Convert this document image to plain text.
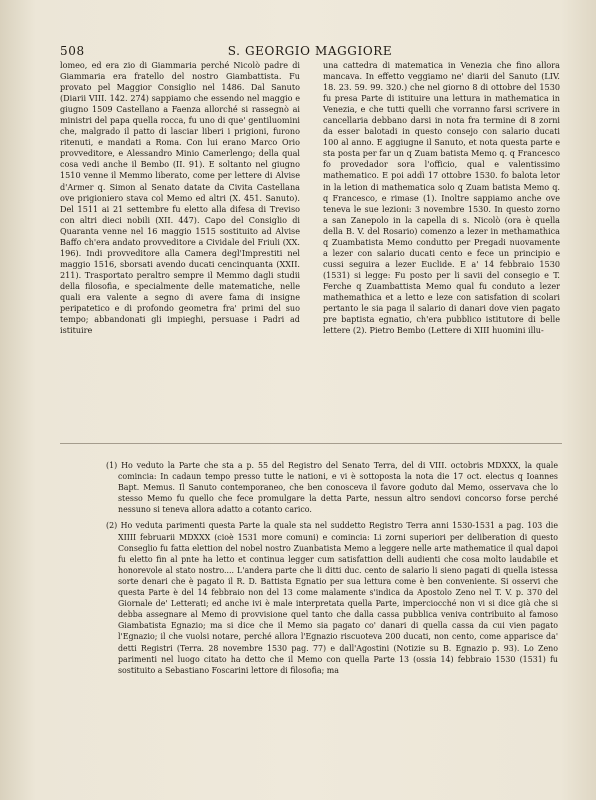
508	S. GEORGIO MAGGIORE

lomeo, ed era zio di Giammaria perché Nicolò padre di Giammaria era fratello del nostro Giambattista. Fu provato pel Maggior Consiglio nel 1486. Dal Sanuto (Diarii VIII. 142. 274) sappiamo che essendo nel maggio e giugno 1509 Castellano a Faenza allorché si rassegnò ai ministri del papa quella rocca, fu uno di que' gentiluomini che, malgrado il patto di lasciar liberi i prigioni, furono ritenuti, e mandati a Roma. Con lui erano Marco Orio provveditore, e Alessandro Minio Camerlengo; della qual cosa vedi anche il Bembo (II. 91). E soltanto nel giugno 1510 venne il Memmo liberato, come per lettere di Alvise d'Armer q. Simon al Senato datate da Civita Castellana ove prigioniero stava col Memo ed altri (X. 451. Sanuto). Del 1511 ai 21 settembre fu eletto alla difesa di Treviso con altri dieci nobili (XII. 447). Capo del Consiglio di Quaranta venne nel 16 maggio 1515 sostituito ad Alvise Baffo ch'era andato provveditore a Cividale del Friuli (XX. 196). Indi provveditore alla Camera degl'Imprestiti nel maggio 1516, sborsati avendo ducati cencinquanta (XXII. 211). Trasportato peraltro sempre il Memmo dagli studii della filosofia, e specialmente delle matematiche, nelle quali era valente a segno di avere fama di insigne peripatetico e di profondo geometra fra' primi del suo tempo; abbandonati gli impieghi, persuase i Padri ad istituire

una cattedra di matematica in Venezia che fino allora mancava. In effetto veggiamo ne' diarii del Sanuto (LIV. 18. 23. 59. 99. 320.) che nel giorno 8 di ottobre del 1530 fu presa Parte di istituire una lettura in mathematica in Venezia, e che tutti quelli che vorranno farsi scrivere in cancellaria debbano darsi in nota fra termine di 8 zorni da esser balotadi in questo consejo con salario ducati 100 al anno. E aggiugne il Sanuto, et nota questa parte e sta posta per far un q Zuam batista Memo q. q Francesco fo provedador sora l'officio, qual e valentissimo mathematico. E poi addì 17 ottobre 1530. fo balota letor in la letion di mathematica solo q Zuam batista Memo q. q Francesco, e rimase (1). Inoltre sappiamo anche ove teneva le sue lezioni: 3 novembre 1530. In questo zorno a san Zanepolo in la capella di s. Nicolò (ora è quella della B. V. del Rosario) comenzo a lezer in methamathica q Zuambatista Memo condutto per Pregadi nuovamente a lezer con salario ducati cento e fece un principio e cussi seguira a lezer Euclide. E a' 14 febbraio 1530 (1531) si legge: Fu posto per li savii del consegio e T. Ferche q Zuambattista Memo qual fu conduto a lezer mathemathica et a letto e leze con satisfation di scolari pertanto le sia paga il salario di danari dove vien pagato pre baptista egnatio, ch'era pubblico istitutore di belle lettere (2). Pietro Bembo (Lettere di XIII huomini illu-

(1) Ho veduto la Parte che sta a p. 55 del Registro del Senato Terra, del di VIII. octobris MDXXX, la quale comincia: In cadaun tempo presso tutte le nationi, e vi è sottoposta la nota die 17 oct. electus q Ioannes Bapt. Memus. Il Sanuto contemporaneo, che ben conosceva il favore goduto dal Memo, osservava che lo stesso Memo fu quello che fece promulgare la detta Parte, nessun altro sendovi concorso forse perché nessuno si teneva allora adatto a cotanto carico.

(2) Ho veduta parimenti questa Parte la quale sta nel suddetto Registro Terra anni 1530-1531 a pag. 103 die XIIII februarii MDXXX (cioè 1531 more comuni) e comincia: Li zorni superiori per deliberation di questo Conseglio fu fatta elettion del nobel nostro Zuanbatista Memo a leggere nelle arte mathematice il qual dapoi fu eletto fin al pnte ha letto et continua legger cum satisfattion delli audienti che cosa molto laudabile et honorevole al stato nostro.... L'andera parte che li ditti duc. cento de salario li sieno pagati di quella istessa sorte denari che è pagato il R. D. Battista Egnatio per sua lettura come è ben conveniente. Si osservi che questa Parte è del 14 febbraio non del 13 come malamente s'indica da Apostolo Zeno nel T. V. p. 370 del Giornale de' Letterati; ed anche ivi è male interpretata quella Parte, imperciocché non vi si dice già che si debba assegnare al Memo di provvisione quel tanto che dalla cassa pubblica veniva contribuito al famoso Giambatista Egnazio; ma si dice che il Memo sia pagato co' danari di quella cassa da cui vien pagato l'Egnazio; il che vuolsi notare, perché allora l'Egnazio riscuoteva 200 ducati, non cento, come apparisce da' detti Registri (Terra. 28 novembre 1530 pag. 77) e dall'Agostini (Notizie su B. Egnazio p. 93). Lo Zeno parimenti nel luogo citato ha detto che il Memo con quella Parte 13 (ossia 14) febbraio 1530 (1531) fu sostituito a Sebastiano Foscarini lettore di filosofia; ma
